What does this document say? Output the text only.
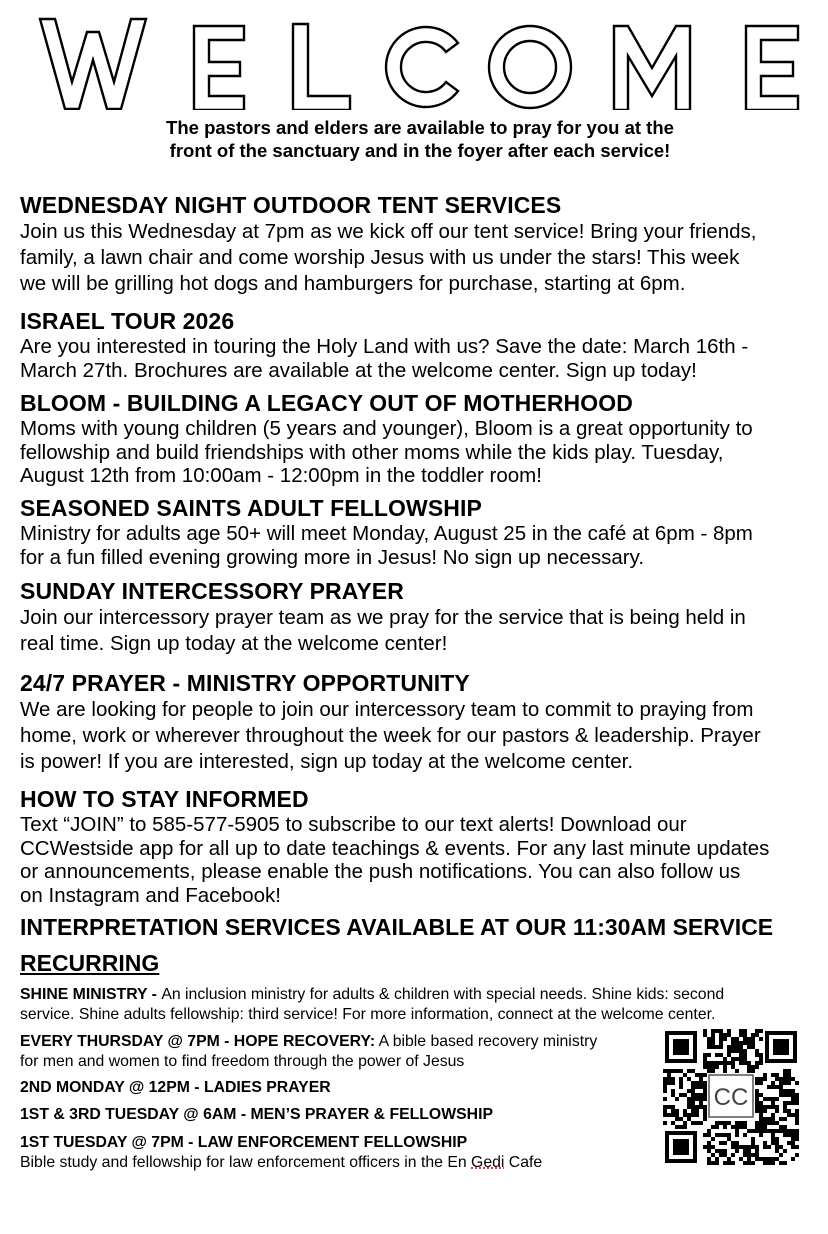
The pastors and elders are available to pray for you at the
front of the sanctuary and in the foyer after each service!
WEDNESDAY NIGHT OUTDOOR TENT SERVICES

Join us this Wednesday at 7pm as we kick off our tent service! Bring your friends,

family, a lawn chair and come worship Jesus with us under the stars! This week

we will be grilling hot dogs and hamburgers for purchase, starting at 6pm.

ISRAEL TOUR 2026

Are you interested in touring the Holy Land with us? Save the date: March 16th -

March 27th. Brochures are available at the welcome center. Sign up today!

BLOOM - BUILDING A LEGACY OUT OF MOTHERHOOD

Moms with young children (5 years and younger), Bloom is a great opportunity to

fellowship and build friendships with other moms while the kids play. Tuesday,

August 12th from 10:00am - 12:00pm in the toddler room!

SEASONED SAINTS ADULT FELLOWSHIP

Ministry for adults age 50+ will meet Monday, August 25 in the café at 6pm - 8pm

for a fun filled evening growing more in Jesus! No sign up necessary.

SUNDAY INTERCESSORY PRAYER

Join our intercessory prayer team as we pray for the service that is being held in

real time. Sign up today at the welcome center!

24/7 PRAYER - MINISTRY OPPORTUNITY

We are looking for people to join our intercessory team to commit to praying from

home, work or wherever throughout the week for our pastors & leadership. Prayer

is power! If you are interested, sign up today at the welcome center.

HOW TO STAY INFORMED

Text “JOIN” to 585-577-5905 to subscribe to our text alerts! Download our

CCWestside app for all up to date teachings & events. For any last minute updates

or announcements, please enable the push notifications. You can also follow us

on Instagram and Facebook!

INTERPRETATION SERVICES AVAILABLE AT OUR 11:30AM SERVICE
RECURRING
SHINE MINISTRY - An inclusion ministry for adults & children with special needs. Shine kids: second
service. Shine adults fellowship: third service! For more information, connect at the welcome center.
EVERY THURSDAY @ 7PM - HOPE RECOVERY: A bible based recovery ministry
for men and women to find freedom through the power of Jesus
2ND MONDAY @ 12PM - LADIES PRAYER
1ST & 3RD TUESDAY @ 6AM - MEN’S PRAYER & FELLOWSHIP
1ST TUESDAY @ 7PM - LAW ENFORCEMENT FELLOWSHIP
Bible study and fellowship for law enforcement officers in the En Gedi Cafe
CC
